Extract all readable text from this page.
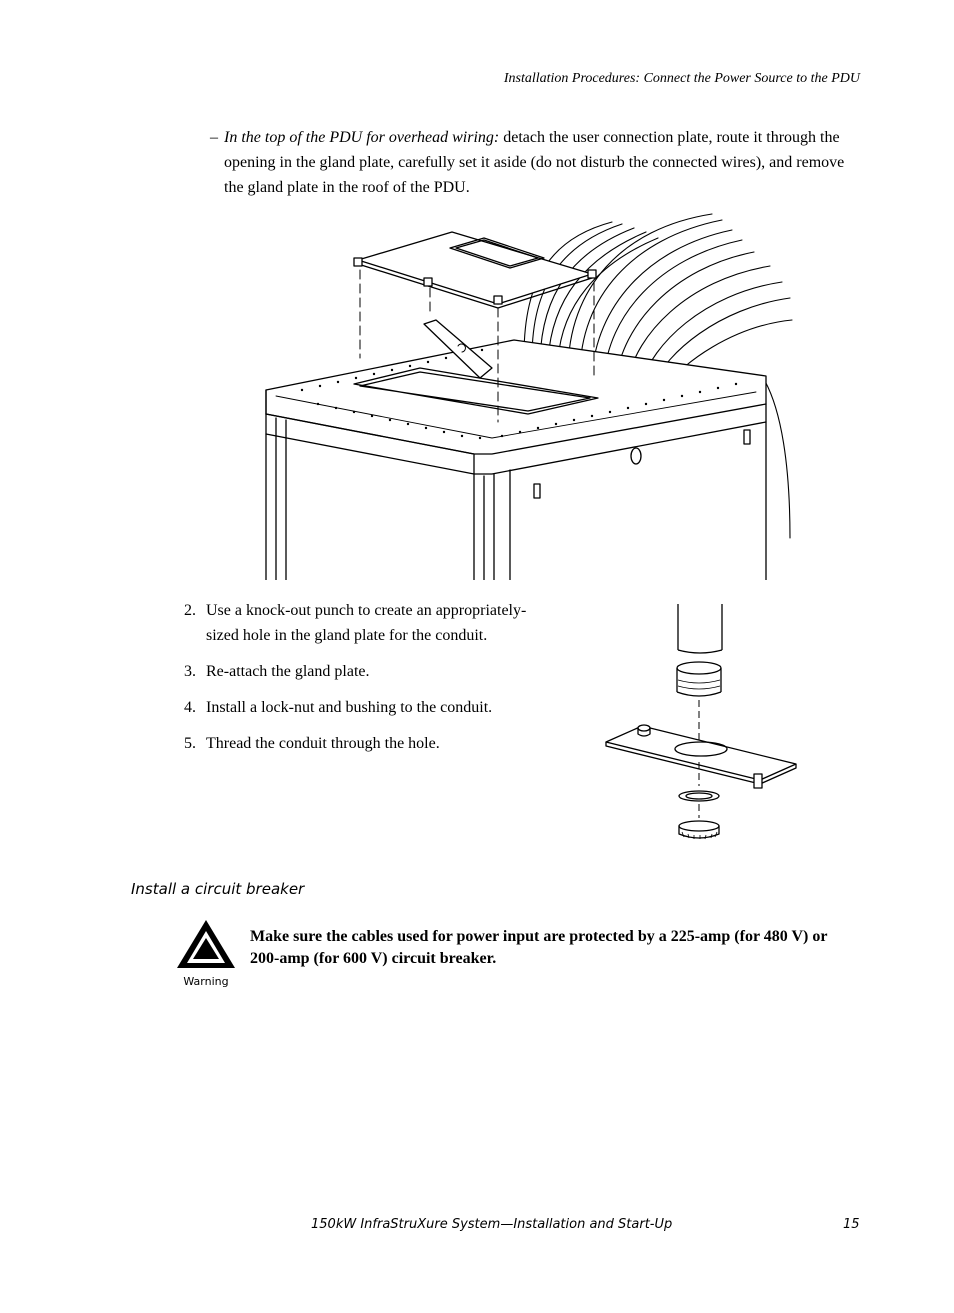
Installation Procedures: Connect the Power Source to the PDU
– In the top of the PDU for overhead wiring: detach the user connection plate, route it through the opening in the gland plate, carefully set it aside (do not disturb the connected wires), and remove the gland plate in the roof of the PDU.
2. Use a knock-out punch to create an appropriately-sized hole in the gland plate for the conduit.
3. Re-attach the gland plate.
4. Install a lock-nut and bushing to the conduit.
5. Thread the conduit through the hole.
Install a circuit breaker
Warning
Make sure the cables used for power input are protected by a 225-amp (for 480 V) or 200-amp (for 600 V) circuit breaker.
150kW InfraStruXure System—Installation and Start-Up	15
